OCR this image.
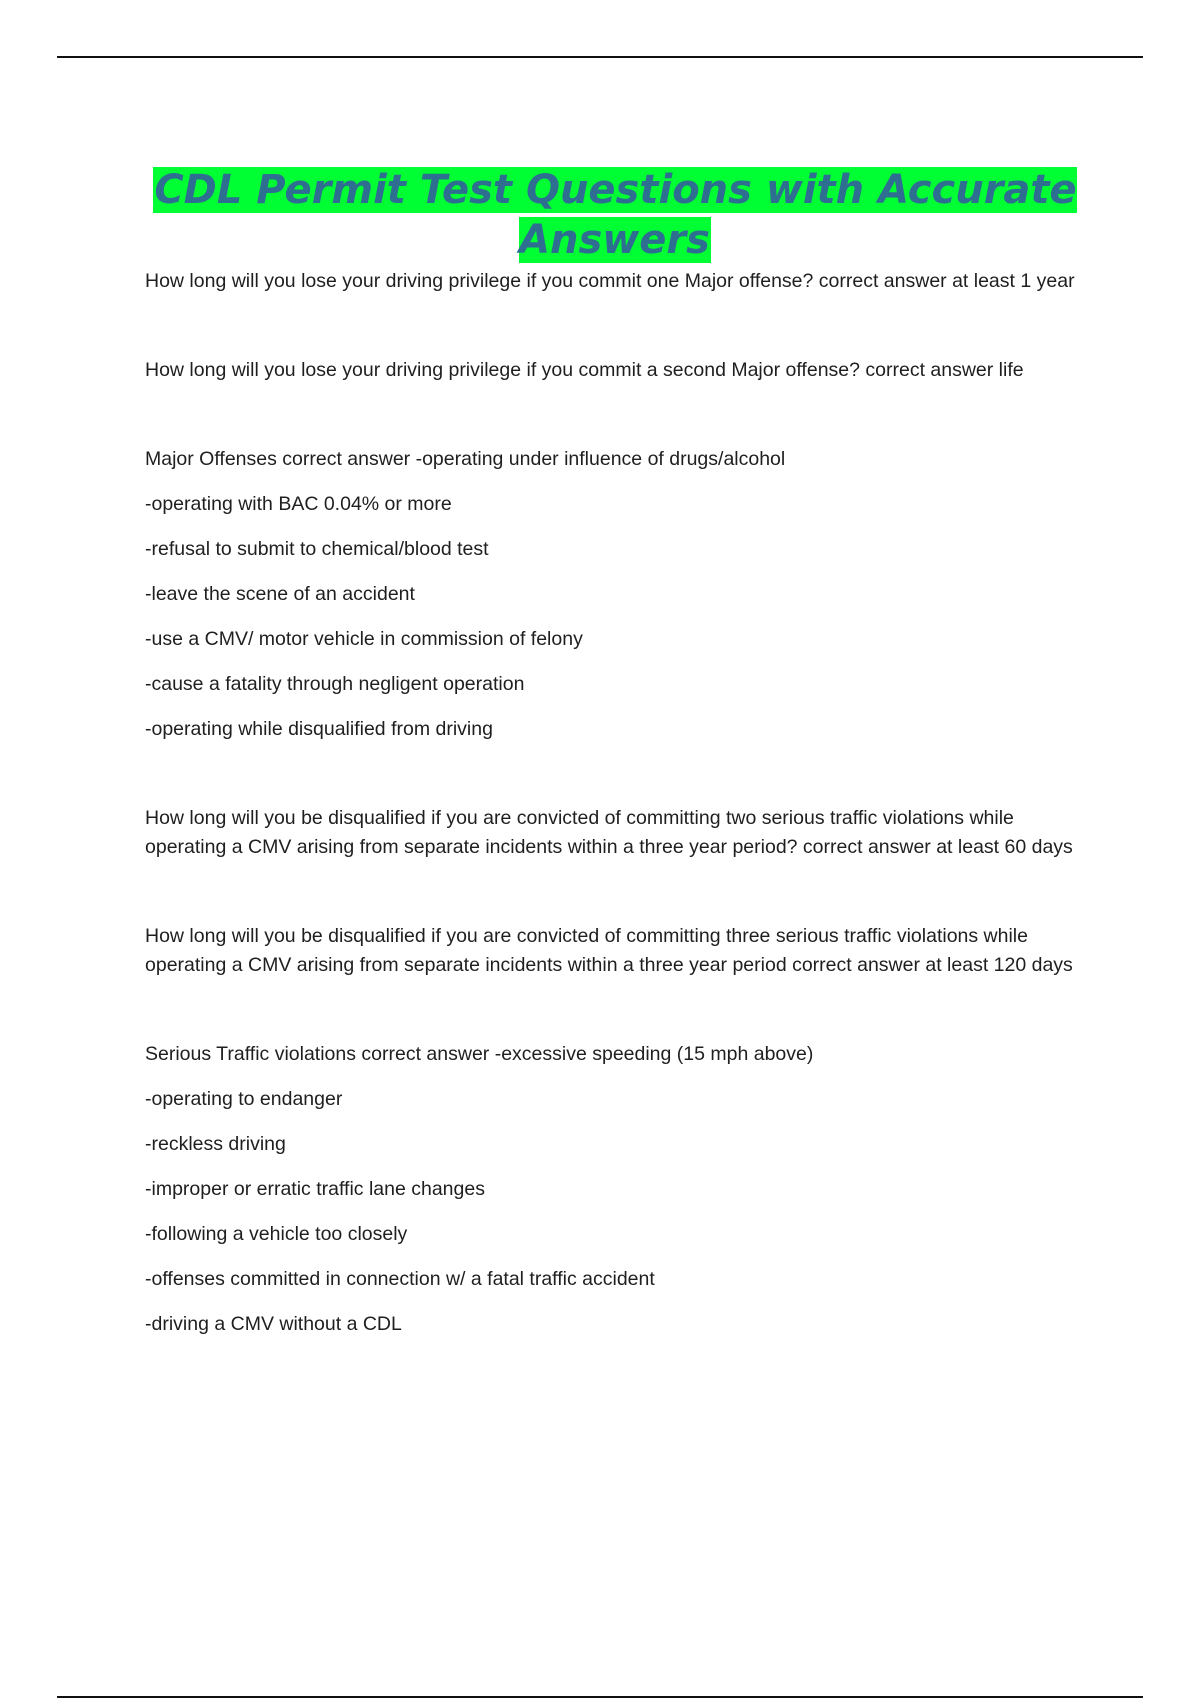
CDL Permit Test Questions with Accurate Answers

How long will you lose your driving privilege if you commit one Major offense? correct answer at least 1 year

How long will you lose your driving privilege if you commit a second Major offense? correct answer life

Major Offenses correct answer -operating under influence of drugs/alcohol

-operating with BAC 0.04% or more

-refusal to submit to chemical/blood test

-leave the scene of an accident

-use a CMV/ motor vehicle in commission of felony

-cause a fatality through negligent operation

-operating while disqualified from driving

How long will you be disqualified if you are convicted of committing two serious traffic violations while operating a CMV arising from separate incidents within a three year period? correct answer at least 60 days

How long will you be disqualified if you are convicted of committing three serious traffic violations while operating a CMV arising from separate incidents within a three year period correct answer at least 120 days

Serious Traffic violations correct answer -excessive speeding (15 mph above)

-operating to endanger

-reckless driving

-improper or erratic traffic lane changes

-following a vehicle too closely

-offenses committed in connection w/ a fatal traffic accident

-driving a CMV without a CDL
